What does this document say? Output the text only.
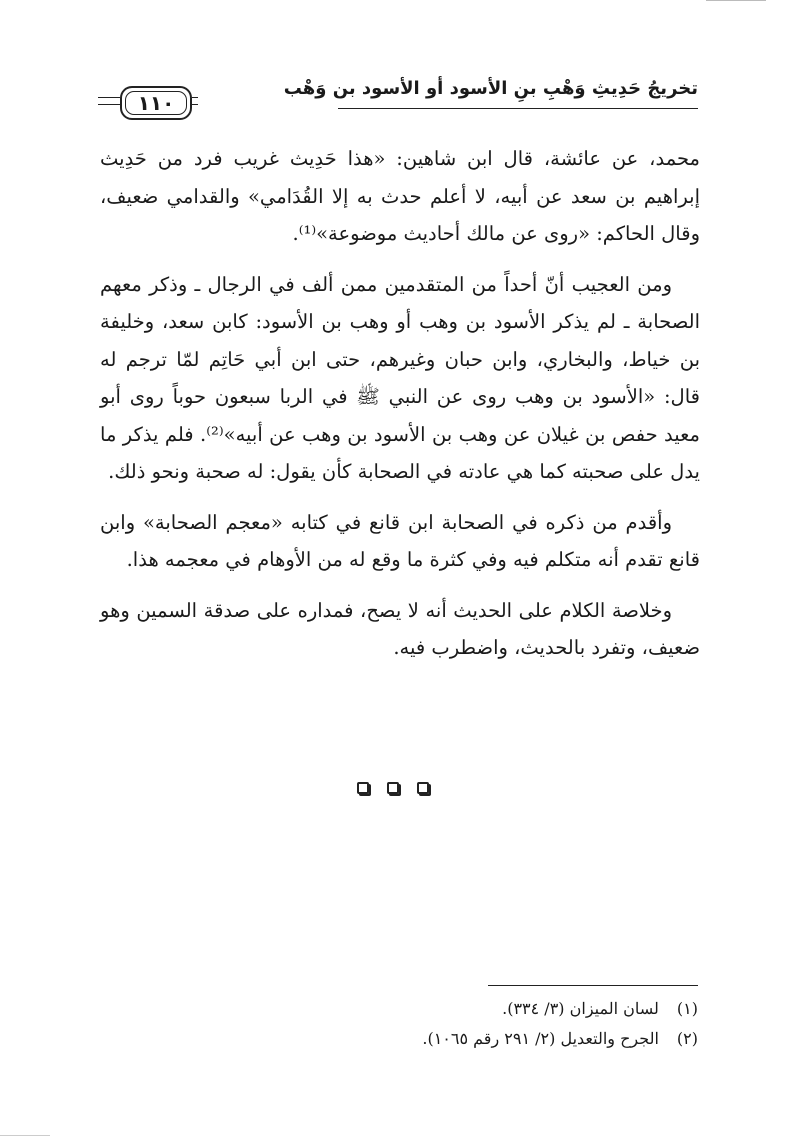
تخريجُ حَدِيثِ وَهْبِ بنِ الأسود أو الأسود بن وَهْب
١١٠

محمد، عن عائشة، قال ابن شاهين: «هذا حَدِيث غريب فرد من حَدِيث إبراهيم بن سعد عن أبيه، لا أعلم حدث به إلا القُدَامي» والقدامي ضعيف، وقال الحاكم: «روى عن مالك أحاديث موضوعة»⁽¹⁾.

ومن العجيب أنّ أحداً من المتقدمين ممن ألف في الرجال ـ وذكر معهم الصحابة ـ لم يذكر الأسود بن وهب أو وهب بن الأسود: كابن سعد، وخليفة بن خياط، والبخاري، وابن حبان وغيرهم، حتى ابن أبي حَاتِم لمّا ترجم له قال: «الأسود بن وهب روى عن النبي ﷺ في الربا سبعون حوباً روى أبو معيد حفص بن غيلان عن وهب بن الأسود بن وهب عن أبيه»⁽²⁾. فلم يذكر ما يدل على صحبته كما هي عادته في الصحابة كأن يقول: له صحبة ونحو ذلك.

وأقدم من ذكره في الصحابة ابن قانع في كتابه «معجم الصحابة» وابن قانع تقدم أنه متكلم فيه وفي كثرة ما وقع له من الأوهام في معجمه هذا.

وخلاصة الكلام على الحديث أنه لا يصح، فمداره على صدقة السمين وهو ضعيف، وتفرد بالحديث، واضطرب فيه.

(١) لسان الميزان (٣/ ٣٣٤).
(٢) الجرح والتعديل (٢/ ٢٩١ رقم ١٠٦٥).
